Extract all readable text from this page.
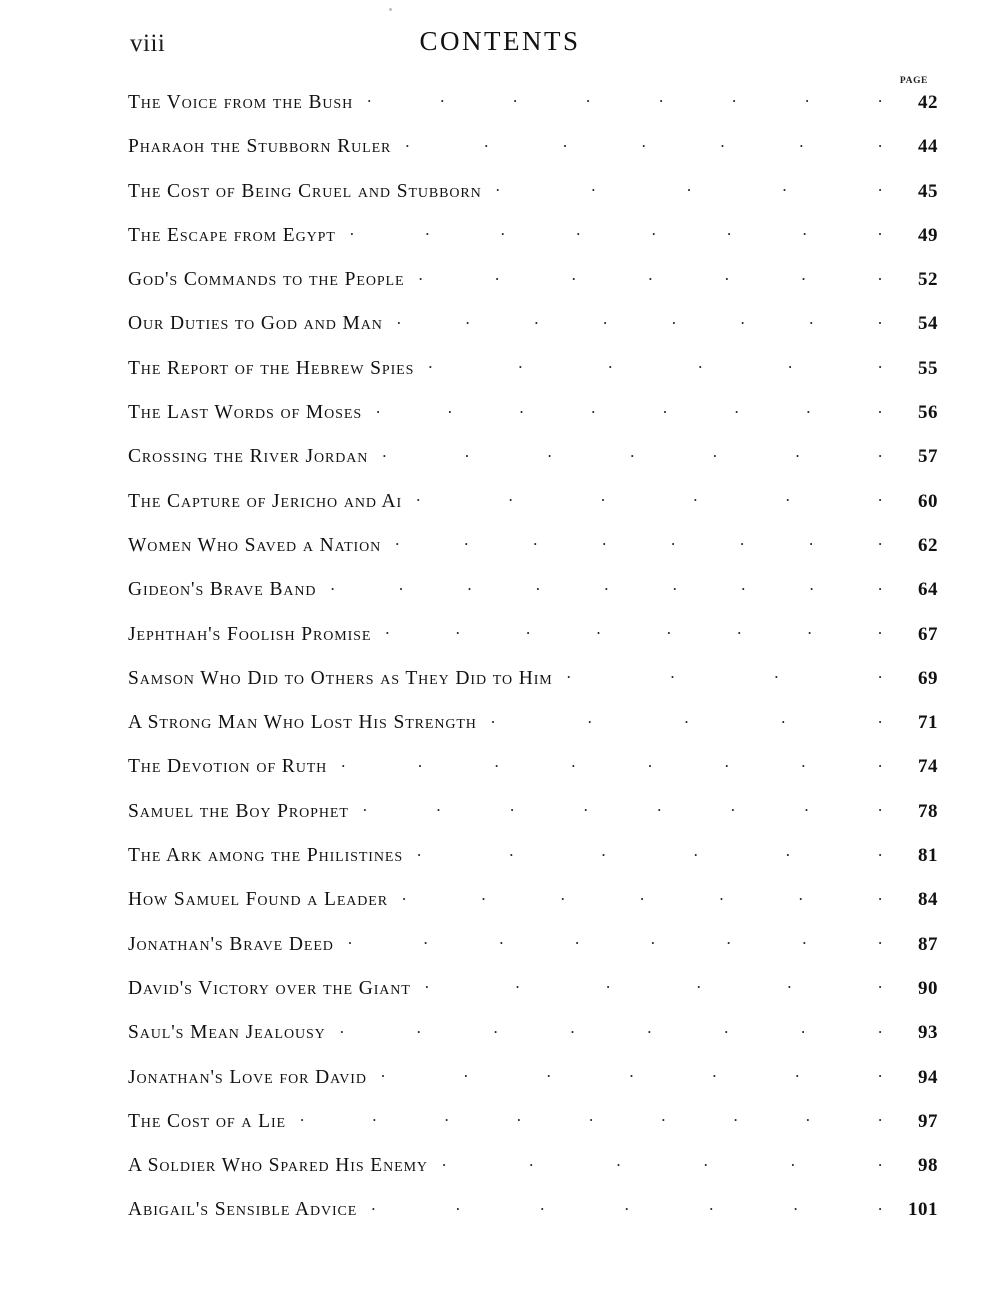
viii	CONTENTS
PAGE
The Voice from the Bush .	.	.	.	.	.	.	.	42
Pharaoh the Stubborn Ruler .	.	.	.	.	.	.	44
The Cost of Being Cruel and Stubborn .	.	.	.	.	45
The Escape from Egypt .	.	.	.	.	.	.	.	49
God's Commands to the People .	.	.	.	.	.	.	52
Our Duties to God and Man .	.	.	.	.	.	.	.	54
The Report of the Hebrew Spies .	.	.	.	.	.	55
The Last Words of Moses .	.	.	.	.	.	.	.	56
Crossing the River Jordan .	.	.	.	.	.	.	57
The Capture of Jericho and Ai .	.	.	.	.	.	60
Women Who Saved a Nation .	.	.	.	.	.	.	.	62
Gideon's Brave Band .	.	.	.	.	.	.	.	.	64
Jephthah's Foolish Promise .	.	.	.	.	.	.	.	67
Samson Who Did to Others as They Did to Him .	.	.	.	69
A Strong Man Who Lost His Strength .	.	.	.	.	71
The Devotion of Ruth .	.	.	.	.	.	.	.	74
Samuel the Boy Prophet .	.	.	.	.	.	.	.	78
The Ark among the Philistines .	.	.	.	.	.	81
How Samuel Found a Leader .	.	.	.	.	.	.	84
Jonathan's Brave Deed .	.	.	.	.	.	.	.	87
David's Victory over the Giant .	.	.	.	.	.	90
Saul's Mean Jealousy .	.	.	.	.	.	.	.	93
Jonathan's Love for David .	.	.	.	.	.	.	94
The Cost of a Lie .	.	.	.	.	.	.	.	.	97
A Soldier Who Spared His Enemy .	.	.	.	.	.	98
Abigail's Sensible Advice .	.	.	.	.	.	.	101
